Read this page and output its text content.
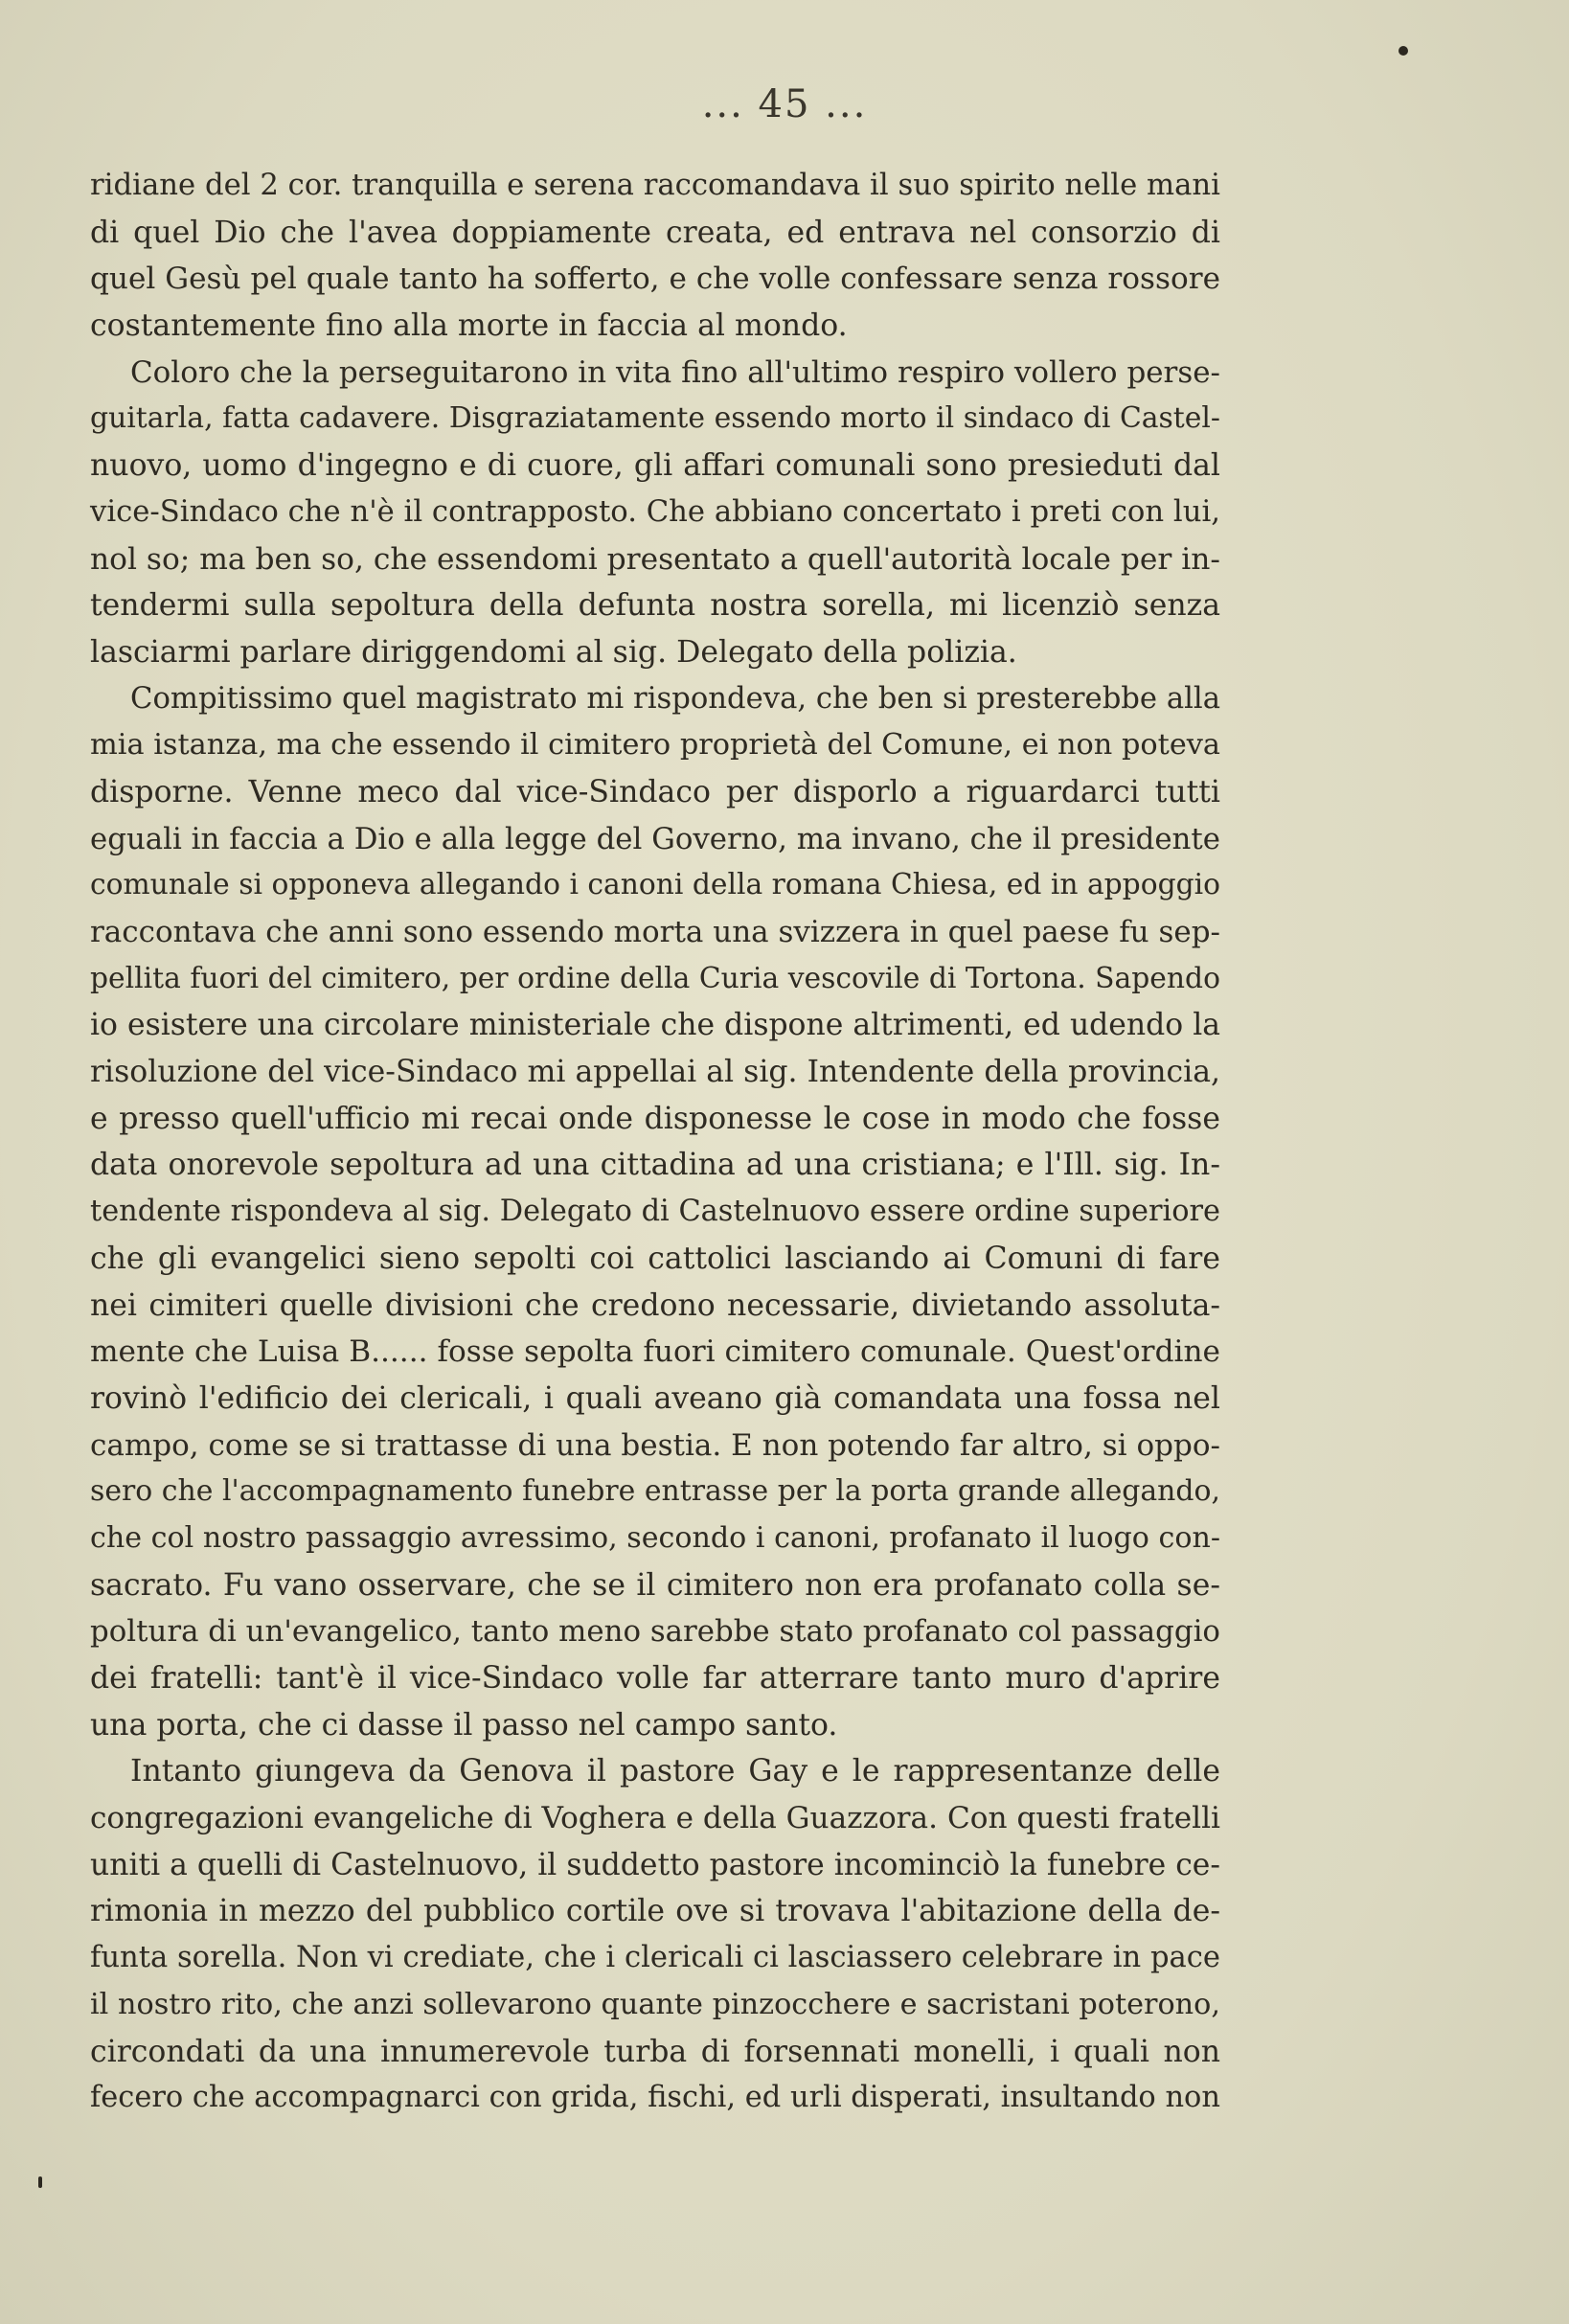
... 45 ...
ridiane del 2 cor. tranquilla e serena raccomandava il suo spirito nelle mani
di quel Dio che l'avea doppiamente creata, ed entrava nel consorzio di
quel Gesù pel quale tanto ha sofferto, e che volle confessare senza rossore
costantemente fino alla morte in faccia al mondo.
Coloro che la perseguitarono in vita fino all'ultimo respiro vollero perse-
guitarla, fatta cadavere. Disgraziatamente essendo morto il sindaco di Castel-
nuovo, uomo d'ingegno e di cuore, gli affari comunali sono presieduti dal
vice-Sindaco che n'è il contrapposto. Che abbiano concertato i preti con lui,
nol so; ma ben so, che essendomi presentato a quell'autorità locale per in-
tendermi sulla sepoltura della defunta nostra sorella, mi licenziò senza
lasciarmi parlare diriggendomi al sig. Delegato della polizia.
Compitissimo quel magistrato mi rispondeva, che ben si presterebbe alla
mia istanza, ma che essendo il cimitero proprietà del Comune, ei non poteva
disporne. Venne meco dal vice-Sindaco per disporlo a riguardarci tutti
eguali in faccia a Dio e alla legge del Governo, ma invano, che il presidente
comunale si opponeva allegando i canoni della romana Chiesa, ed in appoggio
raccontava che anni sono essendo morta una svizzera in quel paese fu sep-
pellita fuori del cimitero, per ordine della Curia vescovile di Tortona. Sapendo
io esistere una circolare ministeriale che dispone altrimenti, ed udendo la
risoluzione del vice-Sindaco mi appellai al sig. Intendente della provincia,
e presso quell'ufficio mi recai onde disponesse le cose in modo che fosse
data onorevole sepoltura ad una cittadina ad una cristiana; e l'Ill. sig. In-
tendente rispondeva al sig. Delegato di Castelnuovo essere ordine superiore
che gli evangelici sieno sepolti coi cattolici lasciando ai Comuni di fare
nei cimiteri quelle divisioni che credono necessarie, divietando assoluta-
mente che Luisa B...... fosse sepolta fuori cimitero comunale. Quest'ordine
rovinò l'edificio dei clericali, i quali aveano già comandata una fossa nel
campo, come se si trattasse di una bestia. E non potendo far altro, si oppo-
sero che l'accompagnamento funebre entrasse per la porta grande allegando,
che col nostro passaggio avressimo, secondo i canoni, profanato il luogo con-
sacrato. Fu vano osservare, che se il cimitero non era profanato colla se-
poltura di un'evangelico, tanto meno sarebbe stato profanato col passaggio
dei fratelli: tant'è il vice-Sindaco volle far atterrare tanto muro d'aprire
una porta, che ci dasse il passo nel campo santo.
Intanto giungeva da Genova il pastore Gay e le rappresentanze delle
congregazioni evangeliche di Voghera e della Guazzora. Con questi fratelli
uniti a quelli di Castelnuovo, il suddetto pastore incominciò la funebre ce-
rimonia in mezzo del pubblico cortile ove si trovava l'abitazione della de-
funta sorella. Non vi crediate, che i clericali ci lasciassero celebrare in pace
il nostro rito, che anzi sollevarono quante pinzocchere e sacristani poterono,
circondati da una innumerevole turba di forsennati monelli, i quali non
fecero che accompagnarci con grida, fischi, ed urli disperati, insultando non
